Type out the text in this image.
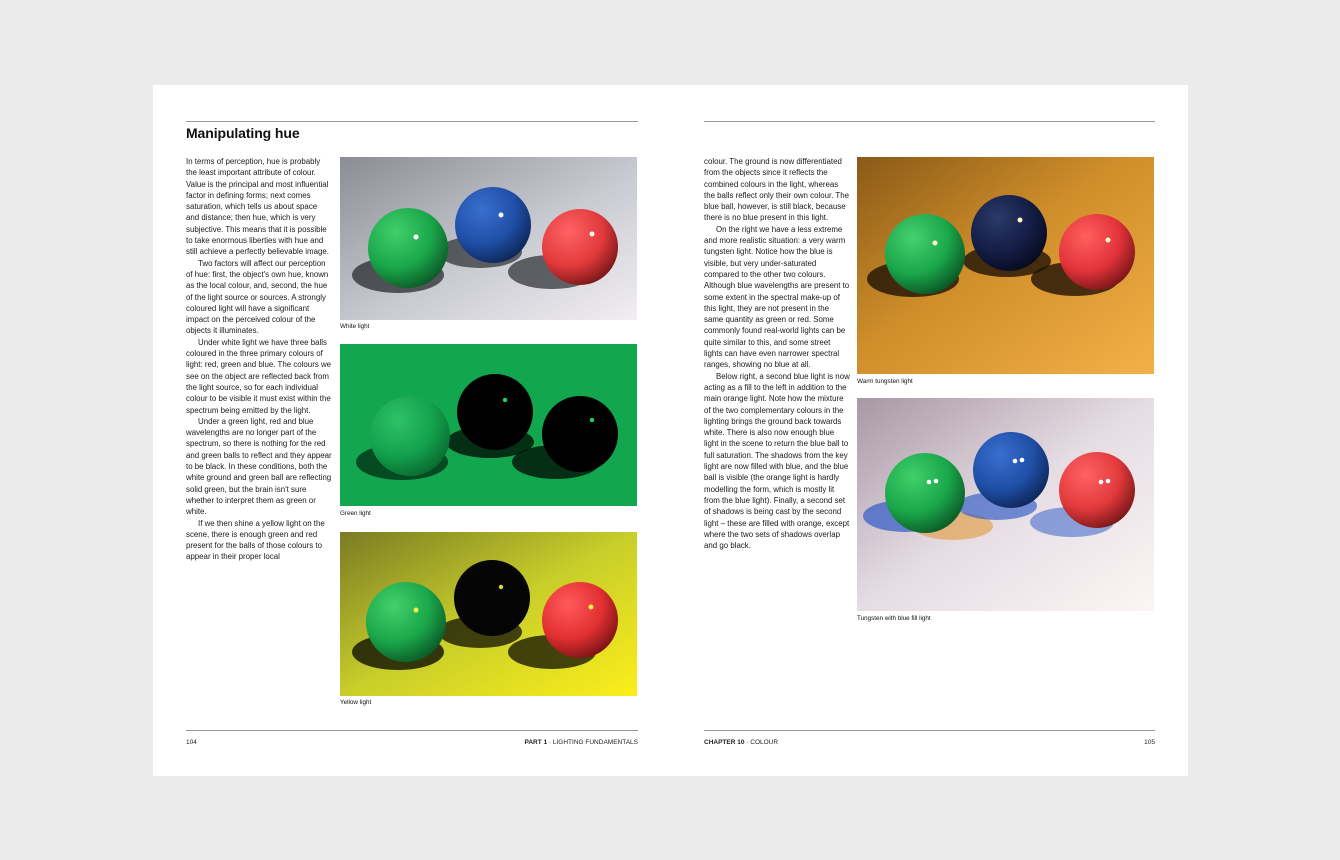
Manipulating hue

In terms of perception, hue is probably the least important attribute of colour. Value is the principal and most influential factor in defining forms; next comes saturation, which tells us about space and distance; then hue, which is very subjective. This means that it is possible to take enormous liberties with hue and still achieve a perfectly believable image.

Two factors will affect our perception of hue: first, the object's own hue, known as the local colour, and, second, the hue of the light source or sources. A strongly coloured light will have a significant impact on the perceived colour of the objects it illuminates.

Under white light we have three balls coloured in the three primary colours of light: red, green and blue. The colours we see on the object are reflected back from the light source, so for each individual colour to be visible it must exist within the spectrum being emitted by the light.

Under a green light, red and blue wavelengths are no longer part of the spectrum, so there is nothing for the red and green balls to reflect and they appear to be black. In these conditions, both the white ground and green ball are reflecting solid green, but the brain isn't sure whether to interpret them as green or white.

If we then shine a yellow light on the scene, there is enough green and red present for the balls of those colours to appear in their proper local

White light
Green light
Yellow light
104	PART 1 · LIGHTING FUNDAMENTALS

colour. The ground is now differentiated from the objects since it reflects the combined colours in the light, whereas the balls reflect only their own colour. The blue ball, however, is still black, because there is no blue present in this light.

On the right we have a less extreme and more realistic situation: a very warm tungsten light. Notice how the blue is visible, but very under-saturated compared to the other two colours. Although blue wavelengths are present to some extent in the spectral make-up of this light, they are not present in the same quantity as green or red. Some commonly found real-world lights can be quite similar to this, and some street lights can have even narrower spectral ranges, showing no blue at all.

Below right, a second blue light is now acting as a fill to the left in addition to the main orange light. Note how the mixture of the two complementary colours in the lighting brings the ground back towards white. There is also now enough blue light in the scene to return the blue ball to full saturation. The shadows from the key light are now filled with blue, and the blue ball is visible (the orange light is hardly modelling the form, which is mostly lit from the blue light). Finally, a second set of shadows is being cast by the second light – these are filled with orange, except where the two sets of shadows overlap and go black.

Warm tungsten light
Tungsten with blue fill light
CHAPTER 10 · COLOUR	105
